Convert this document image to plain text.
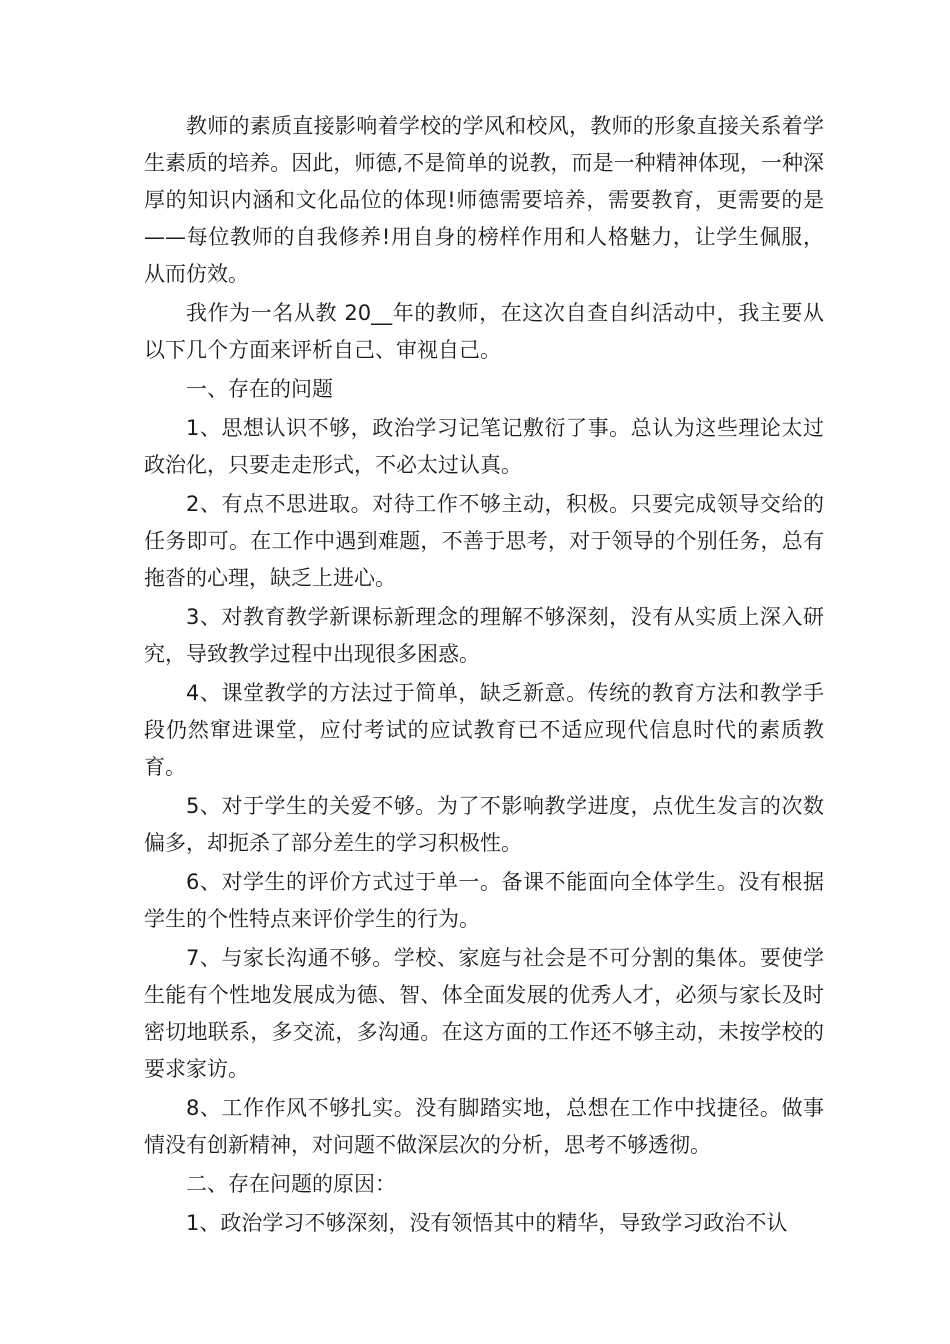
教师的素质直接影响着学校的学风和校风，教师的形象直接关系着学生素质的培养。因此，师德,不是简单的说教，而是一种精神体现，一种深厚的知识内涵和文化品位的体现!师德需要培养，需要教育，更需要的是——每位教师的自我修养!用自身的榜样作用和人格魅力，让学生佩服，从而仿效。

我作为一名从教 20__年的教师，在这次自查自纠活动中，我主要从以下几个方面来评析自己、审视自己。

一、存在的问题

1、思想认识不够，政治学习记笔记敷衍了事。总认为这些理论太过政治化，只要走走形式，不必太过认真。

2、有点不思进取。对待工作不够主动，积极。只要完成领导交给的任务即可。在工作中遇到难题，不善于思考，对于领导的个别任务，总有拖沓的心理，缺乏上进心。

3、对教育教学新课标新理念的理解不够深刻，没有从实质上深入研究，导致教学过程中出现很多困惑。

4、课堂教学的方法过于简单，缺乏新意。传统的教育方法和教学手段仍然窜进课堂，应付考试的应试教育已不适应现代信息时代的素质教育。

5、对于学生的关爱不够。为了不影响教学进度，点优生发言的次数偏多，却扼杀了部分差生的学习积极性。

6、对学生的评价方式过于单一。备课不能面向全体学生。没有根据学生的个性特点来评价学生的行为。

7、与家长沟通不够。学校、家庭与社会是不可分割的集体。要使学生能有个性地发展成为德、智、体全面发展的优秀人才，必须与家长及时密切地联系，多交流，多沟通。在这方面的工作还不够主动，未按学校的要求家访。

8、工作作风不够扎实。没有脚踏实地，总想在工作中找捷径。做事情没有创新精神，对问题不做深层次的分析，思考不够透彻。

二、存在问题的原因：

1、政治学习不够深刻，没有领悟其中的精华，导致学习政治不认
